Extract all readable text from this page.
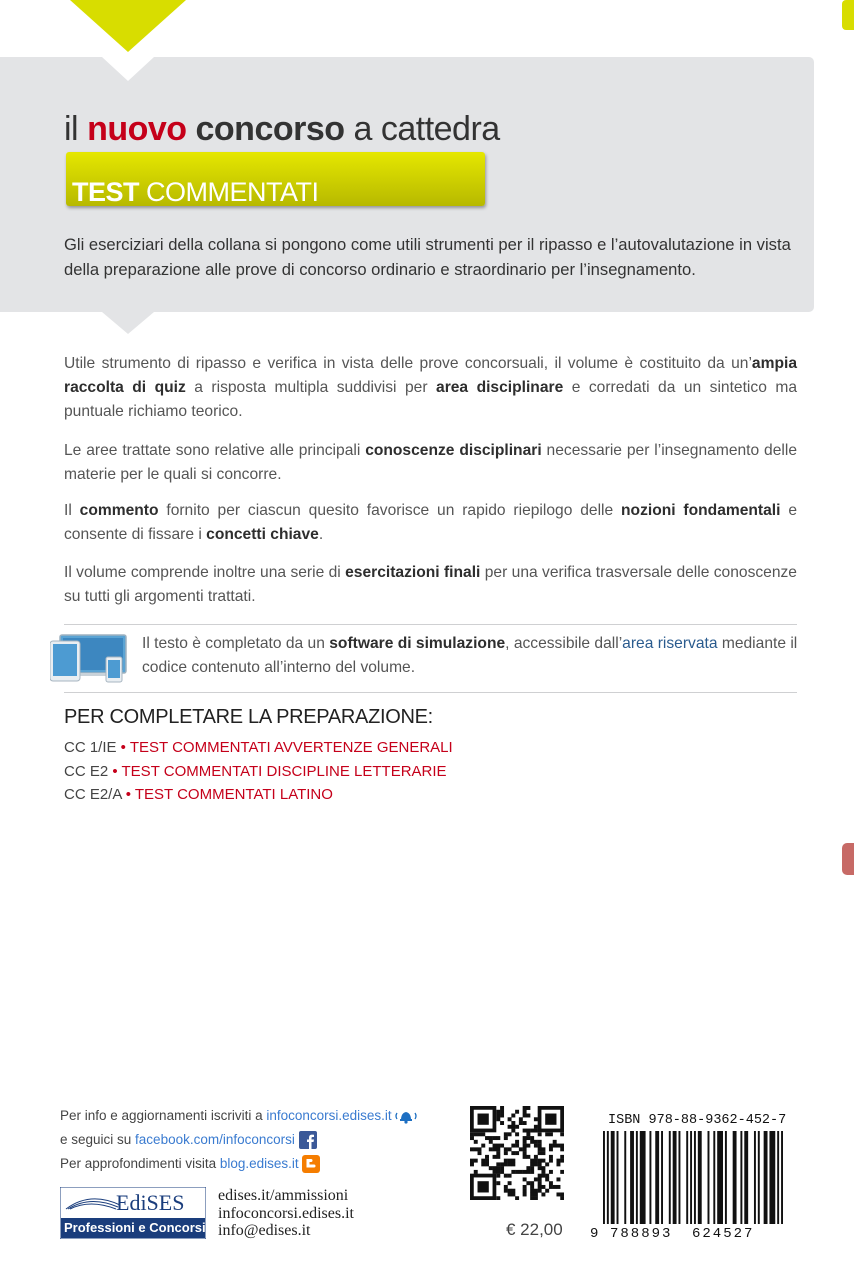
il nuovo concorso a cattedra
TEST COMMENTATI
Gli eserciziari della collana si pongono come utili strumenti per il ripasso e l’autovalutazione in vista della preparazione alle prove di concorso ordinario e straordinario per l’insegnamento.
Utile strumento di ripasso e verifica in vista delle prove concorsuali, il volume è costituito da un’ampia raccolta di quiz a risposta multipla suddivisi per area disciplinare e corredati da un sintetico ma puntuale richiamo teorico.
Le aree trattate sono relative alle principali conoscenze disciplinari necessarie per l’insegnamento delle materie per le quali si concorre.
Il commento fornito per ciascun quesito favorisce un rapido riepilogo delle nozioni fondamentali e consente di fissare i concetti chiave.
Il volume comprende inoltre una serie di esercitazioni finali per una verifica trasversale delle conoscenze su tutti gli argomenti trattati.
Il testo è completato da un software di simulazione, accessibile dall’area riservata mediante il codice contenuto all’interno del volume.
PER COMPLETARE LA PREPARAZIONE:
CC 1/IE • TEST COMMENTATI AVVERTENZE GENERALI
CC E2 • TEST COMMENTATI DISCIPLINE LETTERARIE
CC E2/A • TEST COMMENTATI LATINO
Per info e aggiornamenti iscriviti a infoconcorsi.edises.it
e seguici su facebook.com/infoconcorsi
Per approfondimenti visita blog.edises.it
EdiSES
Professioni e Concorsi
edises.it/ammissioni
infoconcorsi.edises.it
info@edises.it	€ 22,00
ISBN 978-88-9362-452-7
9 788893 624527
